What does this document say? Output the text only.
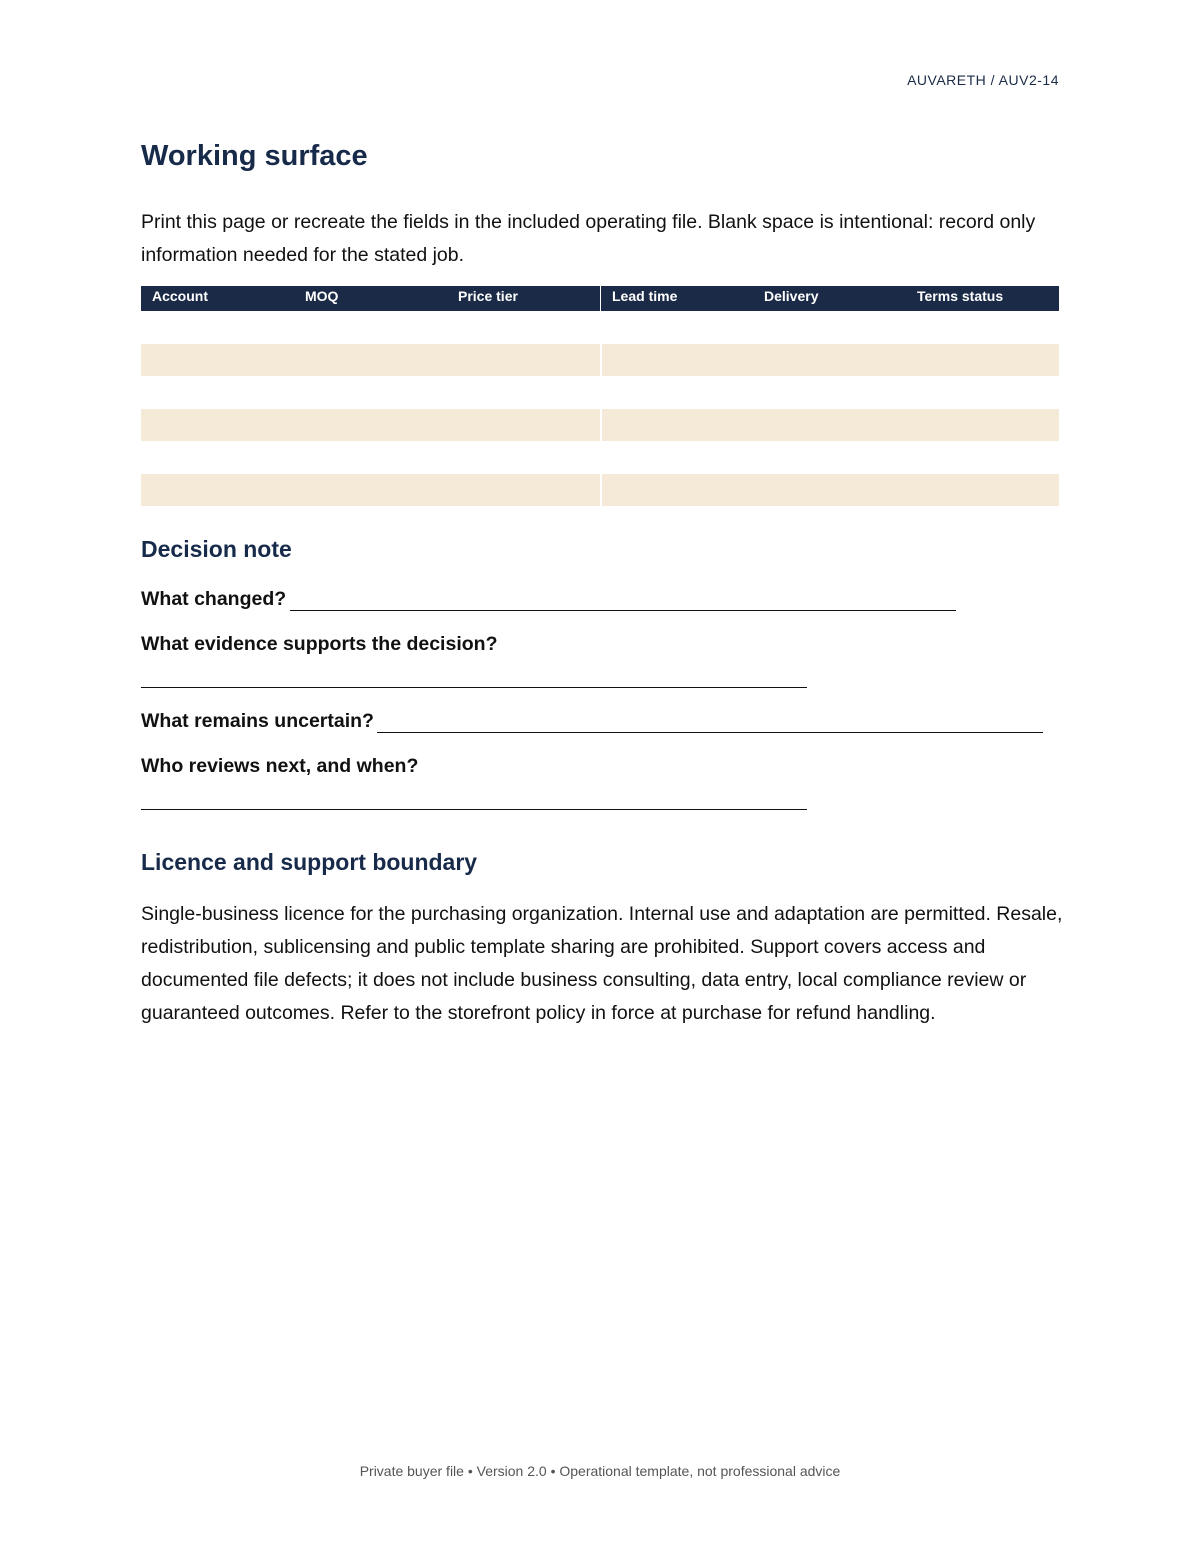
AUVARETH / AUV2-14
Working surface

Print this page or recreate the fields in the included operating file. Blank space is intentional: record only information needed for the stated job.

Account	MOQ	Price tier	Lead time	Delivery	Terms status
Decision note

What changed?

What evidence supports the decision?

What remains uncertain?

Who reviews next, and when?

Licence and support boundary

Single-business licence for the purchasing organization. Internal use and adaptation are permitted. Resale, redistribution, sublicensing and public template sharing are prohibited. Support covers access and documented file defects; it does not include business consulting, data entry, local compliance review or guaranteed outcomes. Refer to the storefront policy in force at purchase for refund handling.

Private buyer file • Version 2.0 • Operational template, not professional advice
